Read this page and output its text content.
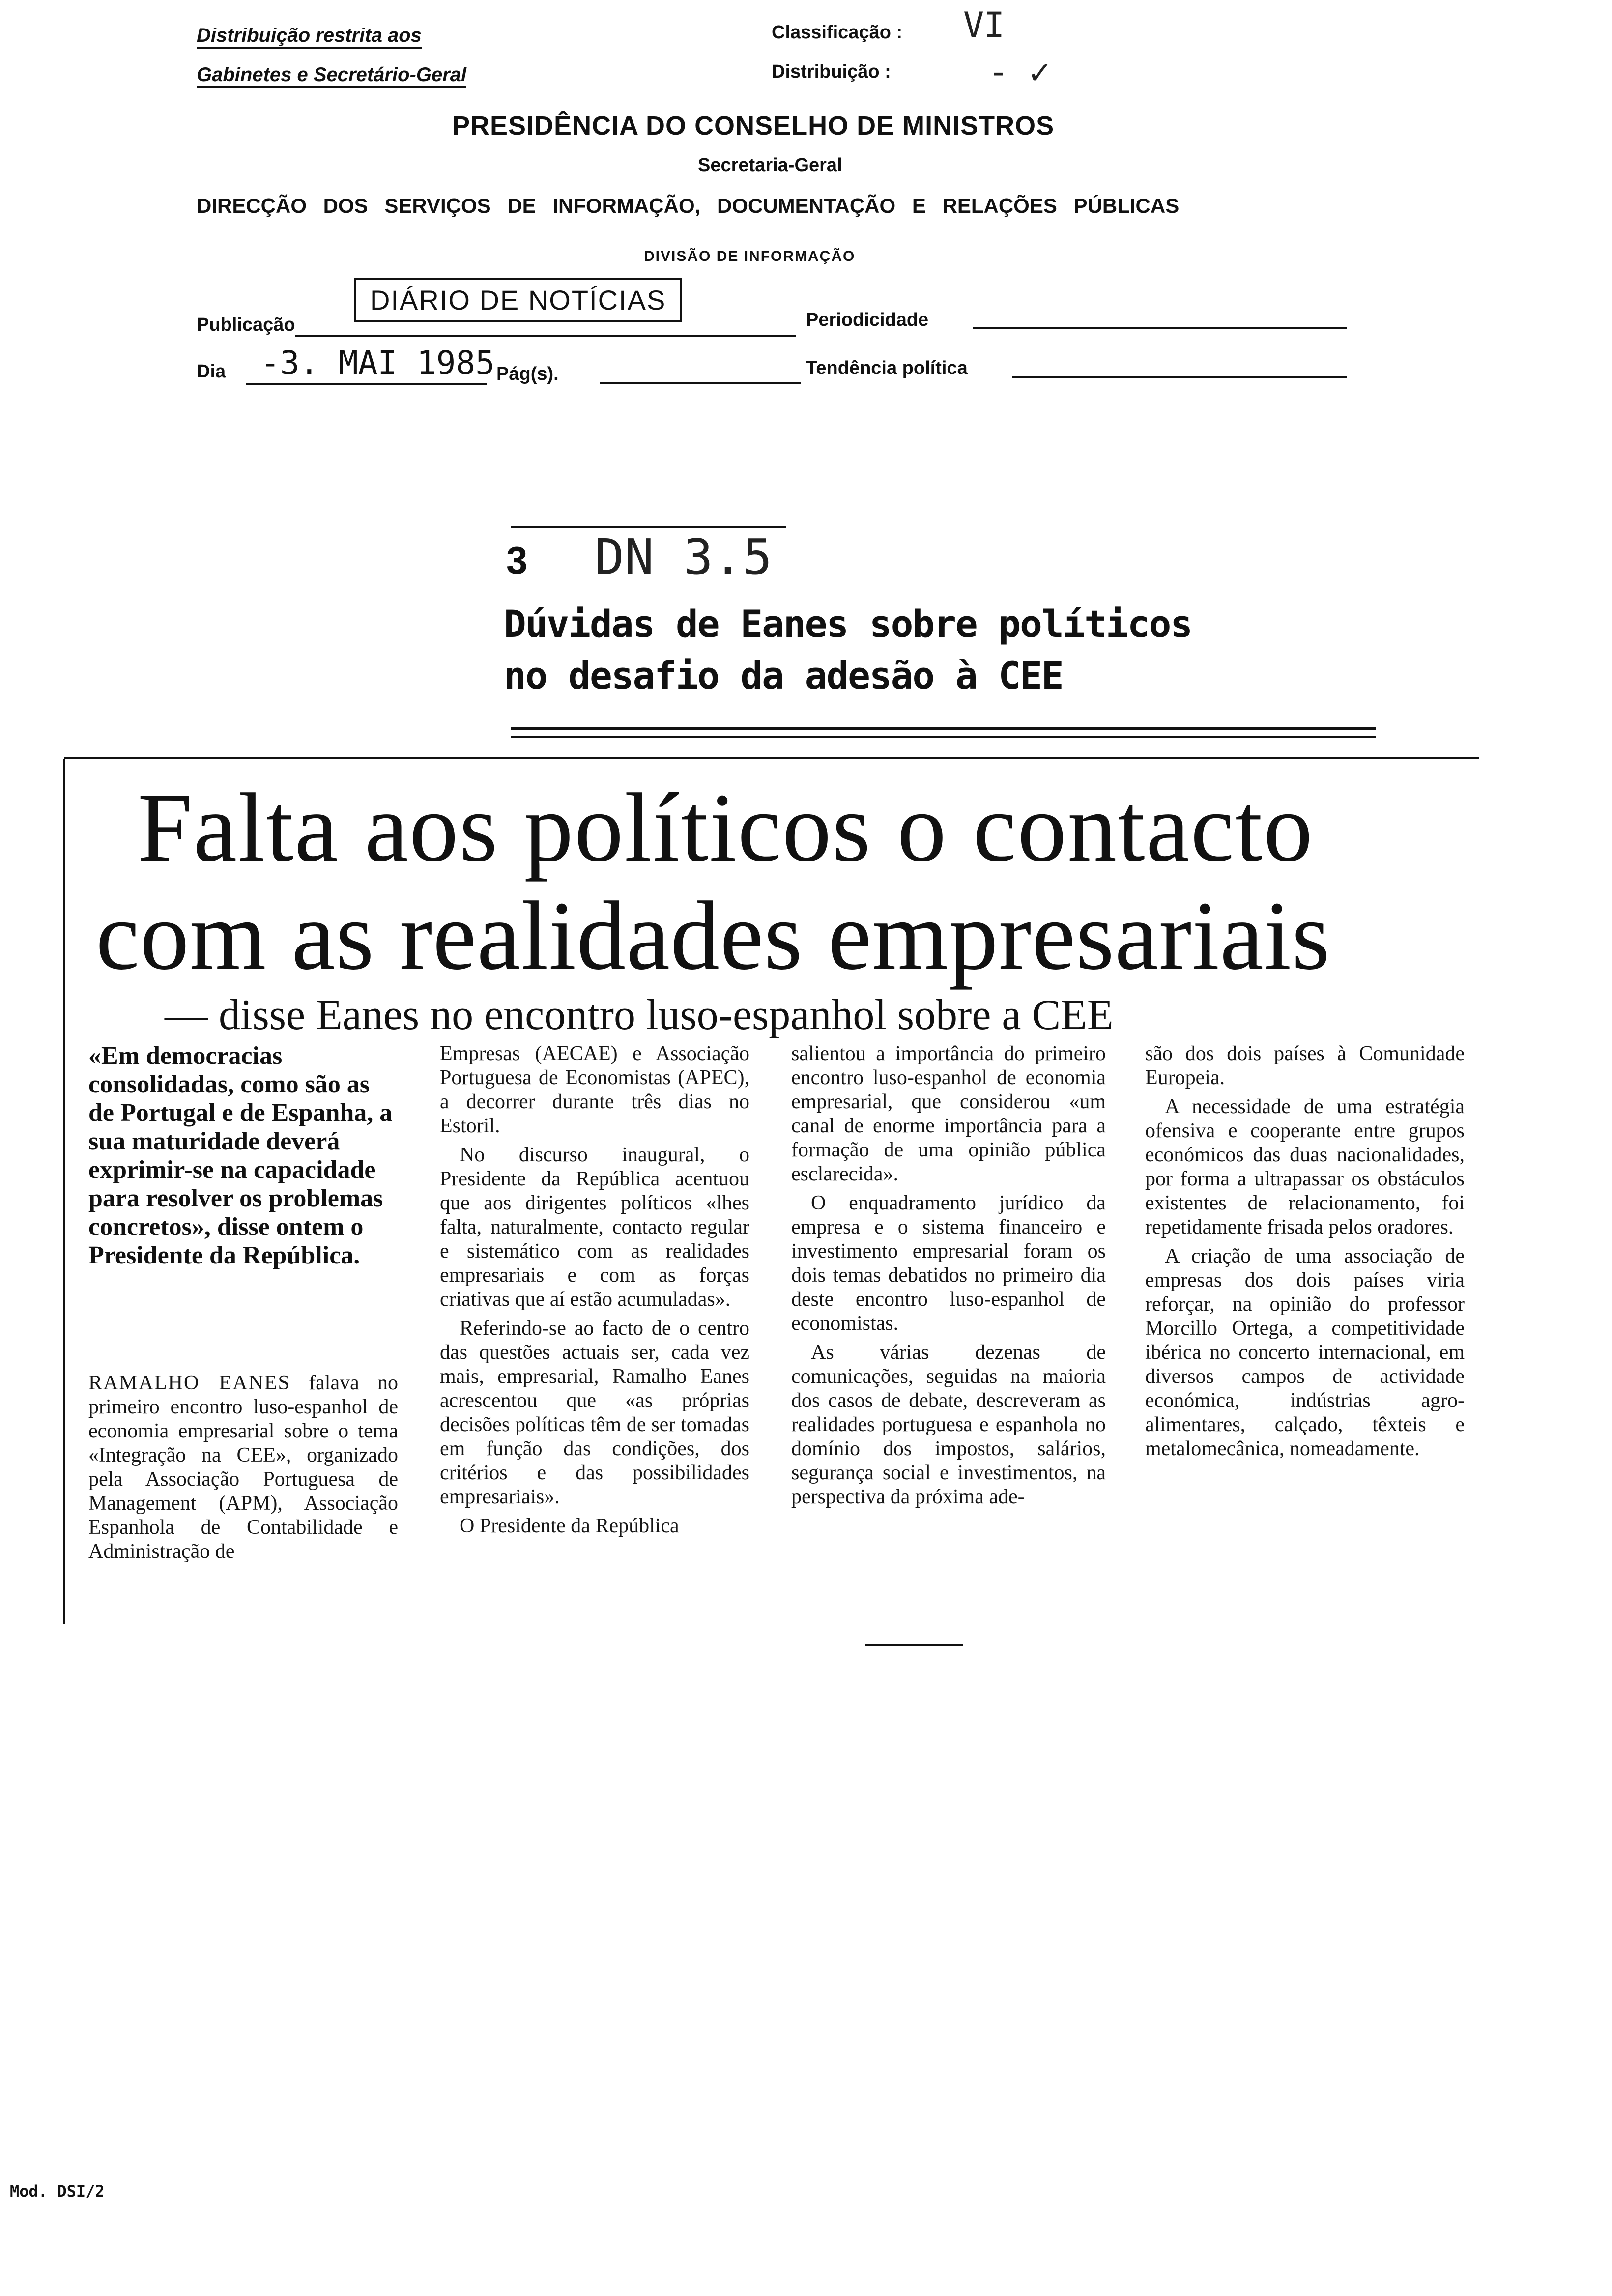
Distribuição restrita aos
Gabinetes e Secretário-Geral
Classificação : VI
Distribuição :	- ✓
PRESIDÊNCIA DO CONSELHO DE MINISTROS
Secretaria-Geral
DIRECÇÃO DOS SERVIÇOS DE INFORMAÇÃO, DOCUMENTAÇÃO E RELAÇÕES PÚBLICAS
DIVISÃO DE INFORMAÇÃO
Publicação
DIÁRIO DE NOTÍCIAS
Periodicidade
Dia -3. MAI 1985 Pág(s).	Tendência política
3 DN 3.5
Dúvidas de Eanes sobre políticos
no desafio da adesão à CEE
Falta aos políticos o contacto
com as realidades empresariais
— disse Eanes no encontro luso-espanhol sobre a CEE
«Em democracias consolidadas, como são as de Portugal e de Espanha, a sua maturidade deverá exprimir-se na capacidade para resolver os problemas concretos», disse ontem o Presidente da República.

RAMALHO EANES falava no primeiro encontro luso-espanhol de economia empresarial sobre o tema «Integração na CEE», organizado pela Associação Portuguesa de Management (APM), Associação Espanhola de Contabilidade e Administração de

Empresas (AECAE) e Associação Portuguesa de Economistas (APEC), a decorrer durante três dias no Estoril.

No discurso inaugural, o Presidente da República acentuou que aos dirigentes políticos «lhes falta, naturalmente, contacto regular e sistemático com as realidades empresariais e com as forças criativas que aí estão acumuladas».

Referindo-se ao facto de o centro das questões actuais ser, cada vez mais, empresarial, Ramalho Eanes acrescentou que «as próprias decisões políticas têm de ser tomadas em função das condições, dos critérios e das possibilidades empresariais».

O Presidente da República

salientou a importância do primeiro encontro luso-espanhol de economia empresarial, que considerou «um canal de enorme importância para a formação de uma opinião pública esclarecida».

O enquadramento jurídico da empresa e o sistema financeiro e investimento empresarial foram os dois temas debatidos no primeiro dia deste encontro luso-espanhol de economistas.

As várias dezenas de comunicações, seguidas na maioria dos casos de debate, descreveram as realidades portuguesa e espanhola no domínio dos impostos, salários, segurança social e investimentos, na perspectiva da próxima ade-

são dos dois países à Comunidade Europeia.

A necessidade de uma estratégia ofensiva e cooperante entre grupos económicos das duas nacionalidades, por forma a ultrapassar os obstáculos existentes de relacionamento, foi repetidamente frisada pelos oradores.

A criação de uma associação de empresas dos dois países viria reforçar, na opinião do professor Morcillo Ortega, a competitividade ibérica no concerto internacional, em diversos campos de actividade económica, indústrias agro-alimentares, calçado, têxteis e metalomecânica, nomeadamente.

Mod. DSI/2
